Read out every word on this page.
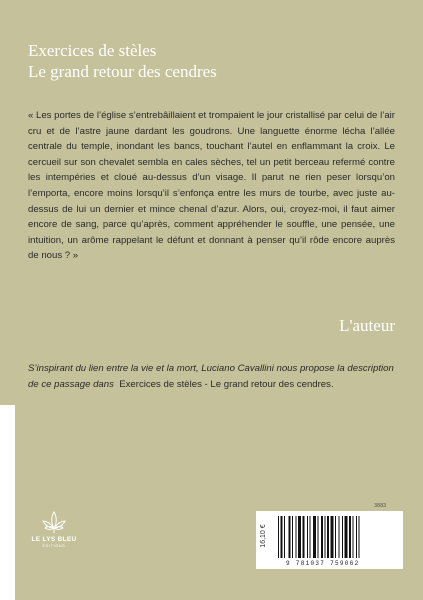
Exercices de stèles
Le grand retour des cendres

« Les portes de l’église s’entrebâillaient et trompaient le jour cristallisé par celui de l’air cru et de l’astre jaune dardant les goudrons. Une languette énorme lécha l’allée centrale du temple, inondant les bancs, touchant l’autel en enflammant la croix. Le cercueil sur son chevalet sembla en cales sèches, tel un petit berceau refermé contre les intempéries et cloué au-dessus d’un visage. Il parut ne rien peser lorsqu’on l’emporta, encore moins lorsqu’il s’enfonça entre les murs de tourbe, avec juste au-dessus de lui un dernier et mince chenal d’azur. Alors, oui, croyez-moi, il faut aimer encore de sang, parce qu’après, comment appréhender le souffle, une pensée, une intuition, un arôme rappelant le défunt et donnant à penser qu’il rôde encore auprès de nous ? »

L'auteur

S’inspirant du lien entre la vie et la mort, Luciano Cavallini nous propose la description de ce passage dans Exercices de stèles - Le grand retour des cendres.

LE LYS BLEU
ÉDITIONS
3883
16,10 €
9 781037 759062
